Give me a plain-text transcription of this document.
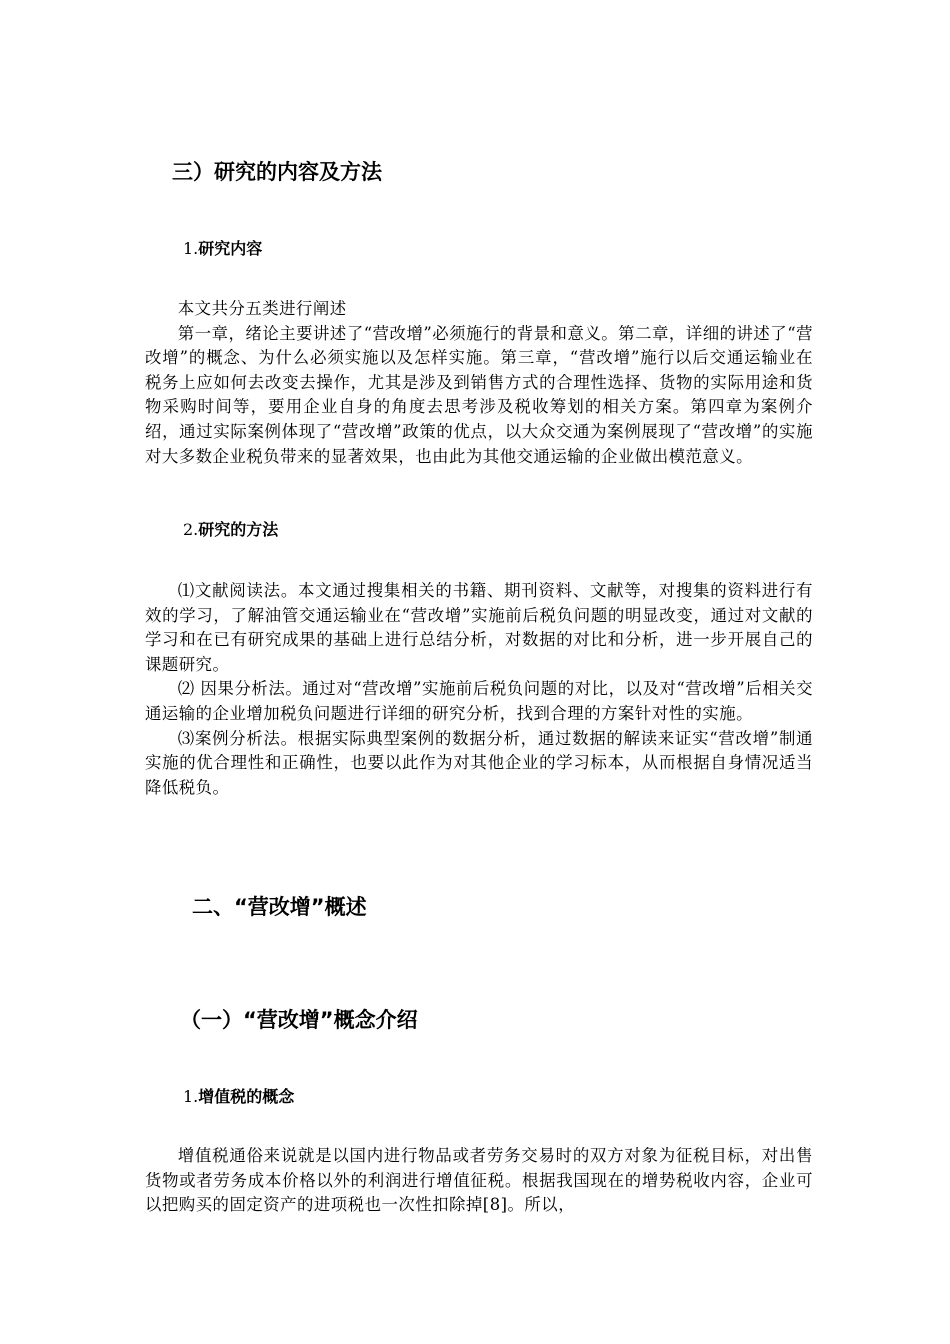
三）研究的内容及方法
1.研究内容

本文共分五类进行阐述

第一章，绪论主要讲述了“营改增”必须施行的背景和意义。第二章，详细的讲述了“营改增”的概念、为什么必须实施以及怎样实施。第三章，“营改增”施行以后交通运输业在税务上应如何去改变去操作，尤其是涉及到销售方式的合理性选择、货物的实际用途和货物采购时间等，要用企业自身的角度去思考涉及税收筹划的相关方案。第四章为案例介绍，通过实际案例体现了“营改增”政策的优点，以大众交通为案例展现了“营改增”的实施对大多数企业税负带来的显著效果，也由此为其他交通运输的企业做出模范意义。

2.研究的方法

⑴文献阅读法。本文通过搜集相关的书籍、期刊资料、文献等，对搜集的资料进行有效的学习，了解油管交通运输业在“营改增”实施前后税负问题的明显改变，通过对文献的学习和在已有研究成果的基础上进行总结分析，对数据的对比和分析，进一步开展自己的课题研究。

⑵ 因果分析法。通过对“营改增”实施前后税负问题的对比，以及对“营改增”后相关交通运输的企业增加税负问题进行详细的研究分析，找到合理的方案针对性的实施。

⑶案例分析法。根据实际典型案例的数据分析，通过数据的解读来证实“营改增”制通实施的优合理性和正确性，也要以此作为对其他企业的学习标本，从而根据自身情况适当降低税负。

二、“营改增”概述
（一）“营改增”概念介绍
1.增值税的概念

增值税通俗来说就是以国内进行物品或者劳务交易时的双方对象为征税目标，对出售货物或者劳务成本价格以外的利润进行增值征税。根据我国现在的增势税收内容，企业可以把购买的固定资产的进项税也一次性扣除掉[8]。所以，
